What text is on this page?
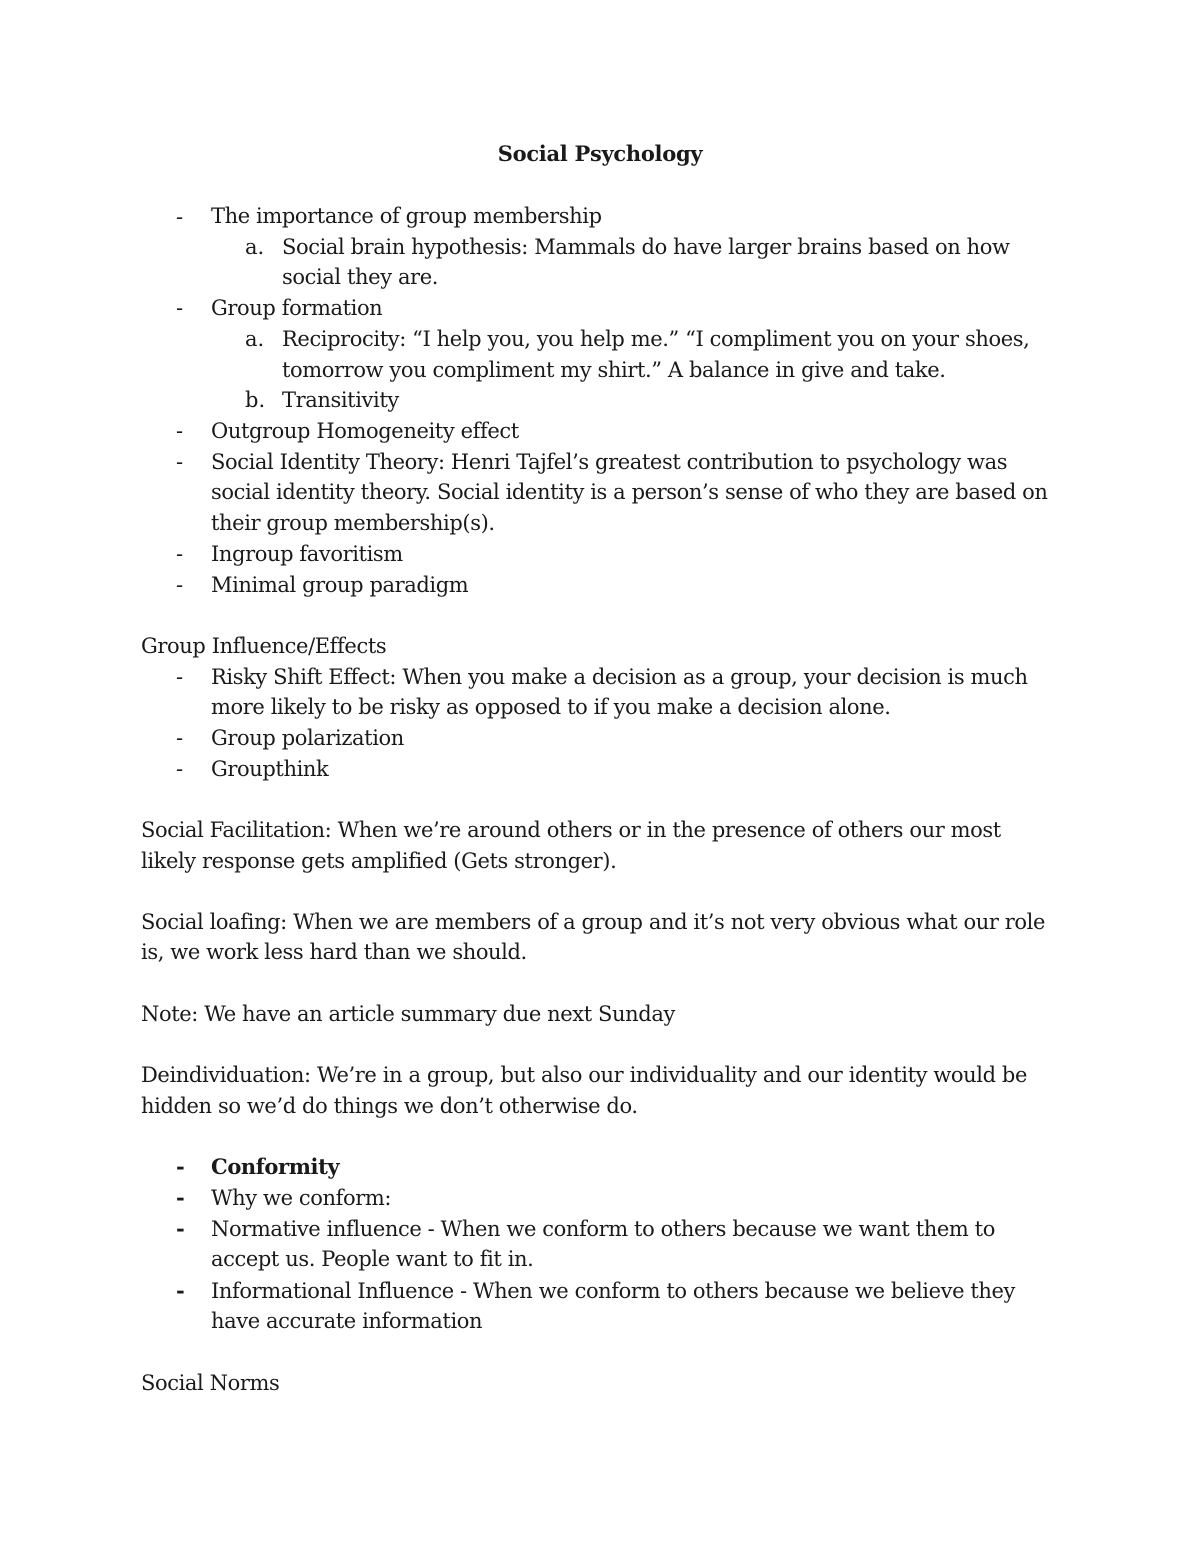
Social Psychology
- The importance of group membership
a. Social brain hypothesis: Mammals do have larger brains based on how
social they are.
- Group formation
a. Reciprocity: “I help you, you help me.” “I compliment you on your shoes,
tomorrow you compliment my shirt.” A balance in give and take.
b. Transitivity
- Outgroup Homogeneity effect
- Social Identity Theory: Henri Tajfel’s greatest contribution to psychology was
social identity theory. Social identity is a person’s sense of who they are based on
their group membership(s).
- Ingroup favoritism
- Minimal group paradigm
Group Influence/Effects
- Risky Shift Effect: When you make a decision as a group, your decision is much
more likely to be risky as opposed to if you make a decision alone.
- Group polarization
- Groupthink
Social Facilitation: When we’re around others or in the presence of others our most
likely response gets amplified (Gets stronger).
Social loafing: When we are members of a group and it’s not very obvious what our role
is, we work less hard than we should.
Note: We have an article summary due next Sunday
Deindividuation: We’re in a group, but also our individuality and our identity would be
hidden so we’d do things we don’t otherwise do.
- Conformity
- Why we conform:
- Normative influence - When we conform to others because we want them to
accept us. People want to fit in.
- Informational Influence - When we conform to others because we believe they
have accurate information
Social Norms
